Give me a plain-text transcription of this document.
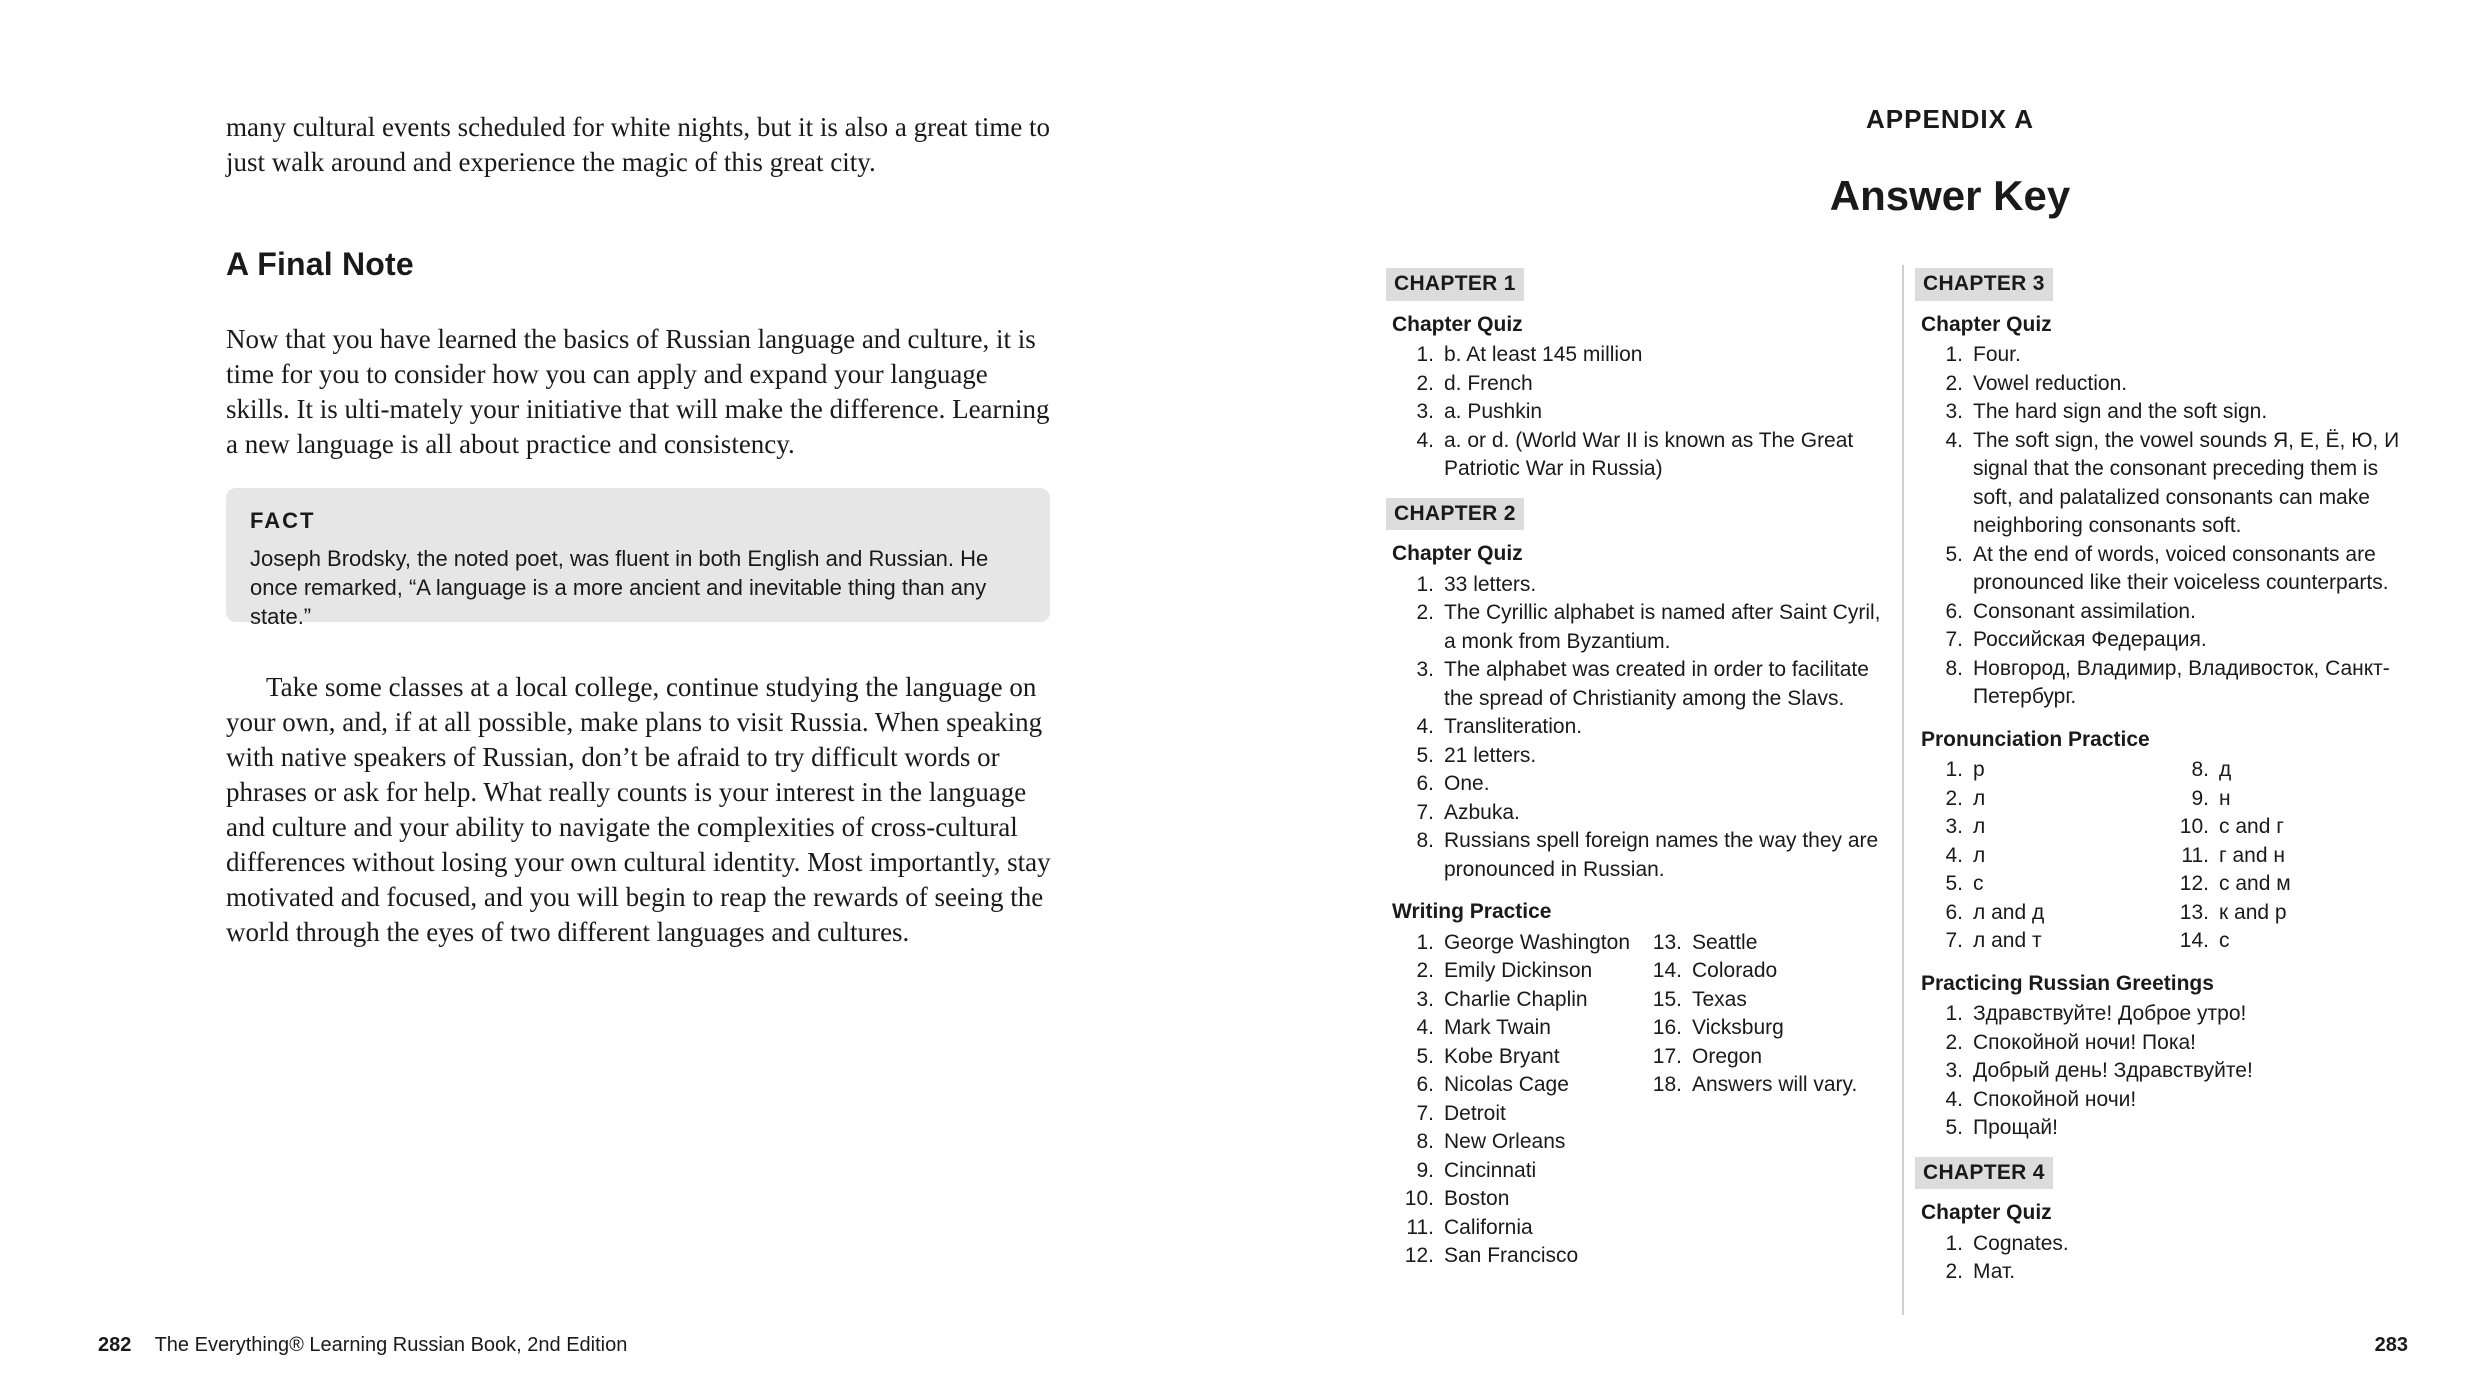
many cultural events scheduled for white nights, but it is also a great time to just walk around and experience the magic of this great city.

A Final Note

Now that you have learned the basics of Russian language and culture, it is time for you to consider how you can apply and expand your language skills. It is ulti-mately your initiative that will make the difference. Learning a new language is all about practice and consistency.

FACT

Joseph Brodsky, the noted poet, was fluent in both English and Russian. He once remarked, “A language is a more ancient and inevitable thing than any state.”

Take some classes at a local college, continue studying the language on your own, and, if at all possible, make plans to visit Russia. When speaking with native speakers of Russian, don’t be afraid to try difficult words or phrases or ask for help. What really counts is your interest in the language and culture and your ability to navigate the complexities of cross-cultural differences without losing your own cultural identity. Most importantly, stay motivated and focused, and you will begin to reap the rewards of seeing the world through the eyes of two different languages and cultures.

282 The Everything® Learning Russian Book, 2nd Edition
APPENDIX A
Answer Key
CHAPTER 1
Chapter Quiz
1. b. At least 145 million
2. d. French
3. a. Pushkin
4. a. or d. (World War II is known as The Great Patriotic War in Russia)
CHAPTER 2
Chapter Quiz
1. 33 letters.
2. The Cyrillic alphabet is named after Saint Cyril, a monk from Byzantium.
3. The alphabet was created in order to facilitate the spread of Christianity among the Slavs.
4. Transliteration.
5. 21 letters.
6. One.
7. Azbuka.
8. Russians spell foreign names the way they are pronounced in Russian.
Writing Practice
1. George Washington
2. Emily Dickinson
3. Charlie Chaplin
4. Mark Twain
5. Kobe Bryant
6. Nicolas Cage
7. Detroit
8. New Orleans
9. Cincinnati
10. Boston
11. California
12. San Francisco
13. Seattle
14. Colorado
15. Texas
16. Vicksburg
17. Oregon
18. Answers will vary.
CHAPTER 3
Chapter Quiz
1. Four.
2. Vowel reduction.
3. The hard sign and the soft sign.
4. The soft sign, the vowel sounds Я, Е, Ё, Ю, И signal that the consonant preceding them is soft, and palatalized consonants can make neighboring consonants soft.
5. At the end of words, voiced consonants are pronounced like their voiceless counterparts.
6. Consonant assimilation.
7. Российская Федерация.
8. Новгород, Владимир, Владивосток, Санкт-Петербург.
Pronunciation Practice
1. р
2. л
3. л
4. л
5. с
6. л and д
7. л and т
8. д
9. н
10. с and г
11. г and н
12. с and м
13. к and р
14. с
Practicing Russian Greetings
1. Здравствуйте! Доброе утро!
2. Спокойной ночи! Пока!
3. Добрый день! Здравствуйте!
4. Спокойной ночи!
5. Прощай!
CHAPTER 4
Chapter Quiz
1. Cognates.
2. Мат.
283
